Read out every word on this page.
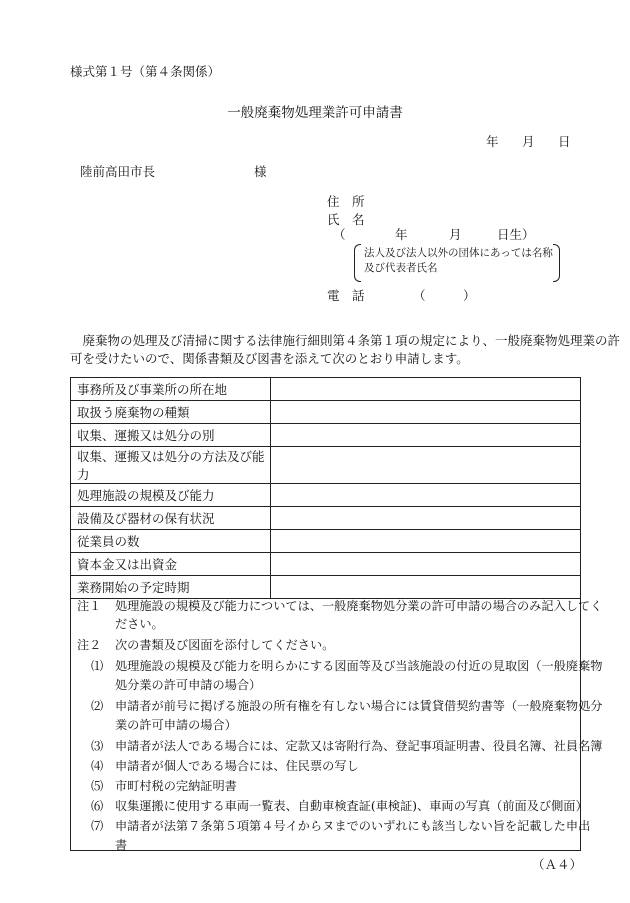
様式第１号（第４条関係）
一般廃棄物処理業許可申請書
年 月 日
陸前高田市長	様
住　所
氏　名
（	年	月	日生）
法人及び法人以外の団体にあっては名称
及び代表者氏名
電　話	（	）
　廃棄物の処理及び清掃に関する法律施行細則第４条第１項の規定により、一般廃棄物処理業の許
可を受けたいので、関係書類及び図書を添えて次のとおり申請します。
事務所及び事業所の所在地	
取扱う廃棄物の種類	
収集、運搬又は処分の別	
収集、運搬又は処分の方法及び能力	
処理施設の規模及び能力	
設備及び器材の保有状況	
従業員の数	
資本金又は出資金	
業務開始の予定時期	
注１ 処理施設の規模及び能力については、一般廃棄物処分業の許可申請の場合のみ記入してく
ださい。
注２ 次の書類及び図面を添付してください。
⑴ 処理施設の規模及び能力を明らかにする図面等及び当該施設の付近の見取図（一般廃棄物
処分業の許可申請の場合）
⑵ 申請者が前号に掲げる施設の所有権を有しない場合には賃貸借契約書等（一般廃棄物処分
業の許可申請の場合）
⑶ 申請者が法人である場合には、定款又は寄附行為、登記事項証明書、役員名簿、社員名簿
⑷ 申請者が個人である場合には、住民票の写し
⑸ 市町村税の完納証明書
⑹ 収集運搬に使用する車両一覧表、自動車検査証(車検証)、車両の写真（前面及び側面）
⑺ 申請者が法第７条第５項第４号イからヌまでのいずれにも該当しない旨を記載した申出
書
（Ａ４）
